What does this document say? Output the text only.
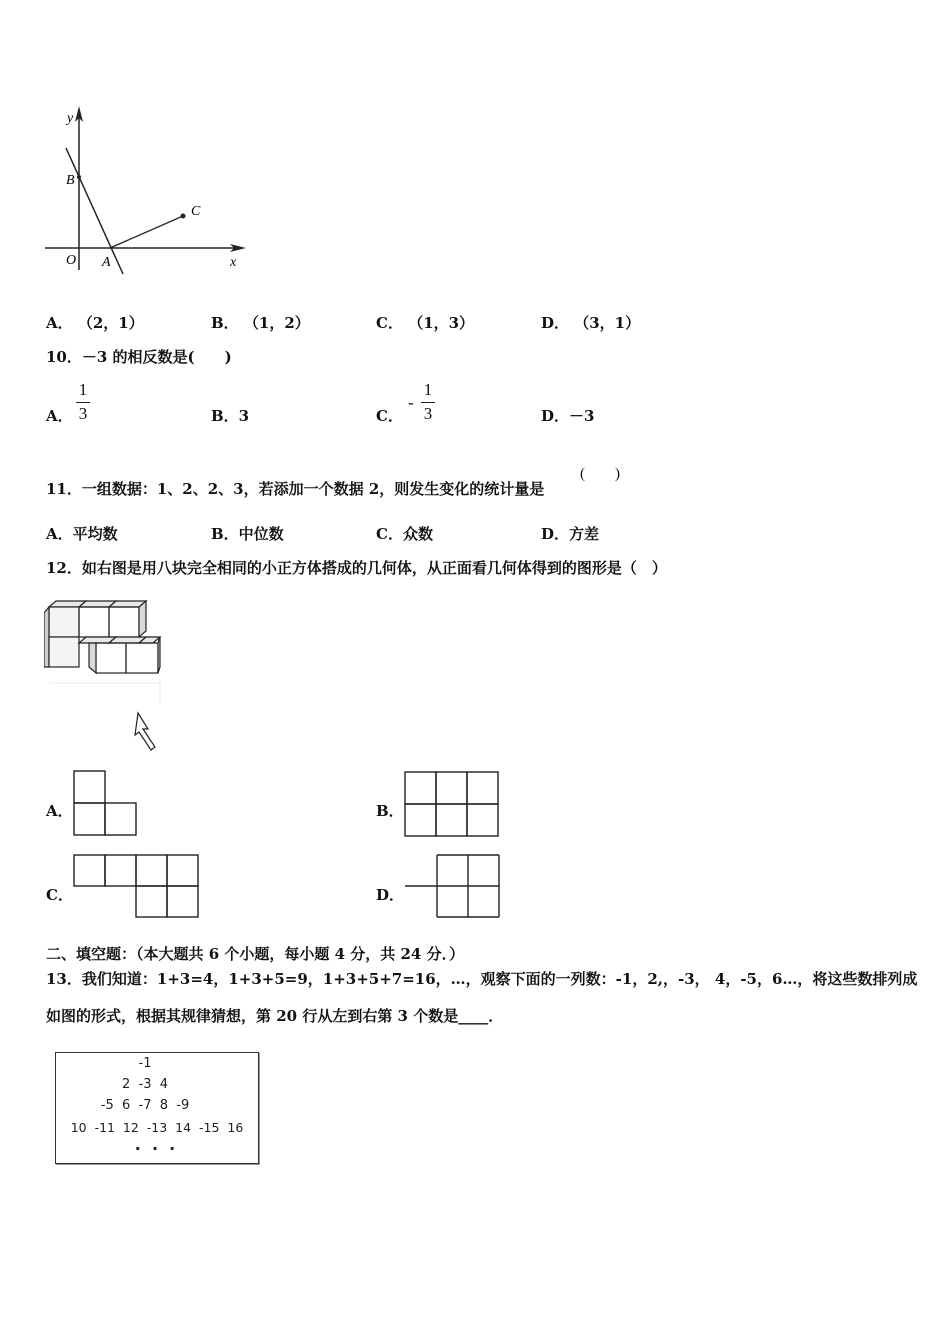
y
x
O A
B
C
A． （2，1）	B． （1，2）	C． （1，3）	D． （3，1）
10．－3 的相反数是(　　)
A．
1
3	B．3	C．
-
1
3	D．－3
11．一组数据：1、2、2、3，若添加一个数据 2，则发生变化的统计量是
(　　)
A．平均数	B．中位数	C．众数	D．方差
12．如右图是用八块完全相同的小正方体搭成的几何体，从正面看几何体得到的图形是（　）
A．	B．
C．	D．
二、填空题：（本大题共 6 个小题，每小题 4 分，共 24 分．）
13．我们知道：1+3=4，1+3+5=9，1+3+5+7=16，…，观察下面的一列数：-1，2,，-3， 4，-5，6…，将这些数排列成
如图的形式，根据其规律猜想，第 20 行从左到右第 3 个数是____．
-1
2  -3  4
-5  6  -7  8  -9
10  -11  12  -13  14  -15  16
·  ·  ·
